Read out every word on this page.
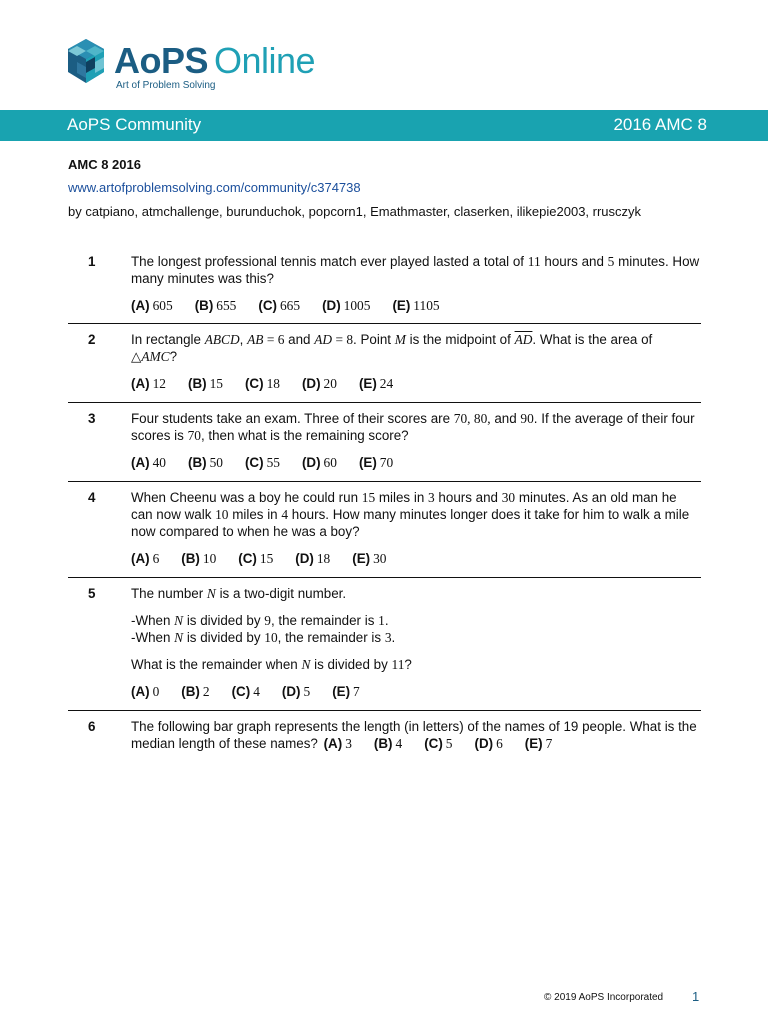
AoPS Online
Art of Problem Solving
AoPS Community	2016 AMC 8
AMC 8 2016
www.artofproblemsolving.com/community/c374738
by catpiano, atmchallenge, burunduchok, popcorn1, Emathmaster, claserken, ilikepie2003, rrusczyk
1	The longest professional tennis match ever played lasted a total of 11 hours and 5 minutes. How many minutes was this?

(A) 605 (B) 655 (C) 665 (D) 1005 (E) 1105
2	In rectangle ABCD, AB = 6 and AD = 8. Point M is the midpoint of $\overline{AD}$. What is the area of △AMC?

(A) 12 (B) 15 (C) 18 (D) 20 (E) 24
3	Four students take an exam. Three of their scores are 70, 80, and 90. If the average of their four scores is 70, then what is the remaining score?

(A) 40 (B) 50 (C) 55 (D) 60 (E) 70
4	When Cheenu was a boy he could run 15 miles in 3 hours and 30 minutes. As an old man he can now walk 10 miles in 4 hours. How many minutes longer does it take for him to walk a mile now compared to when he was a boy?

(A) 6 (B) 10 (C) 15 (D) 18 (E) 30
5	The number N is a two-digit number.

-When N is divided by 9, the remainder is 1.

-When N is divided by 10, the remainder is 3.

What is the remainder when N is divided by 11?

(A) 0 (B) 2 (C) 4 (D) 5 (E) 7
6	The following bar graph represents the length (in letters) of the names of 19 people. What is the median length of these names? (A) 3 (B) 4 (C) 5 (D) 6 (E) 7

© 2019 AoPS Incorporated 1
